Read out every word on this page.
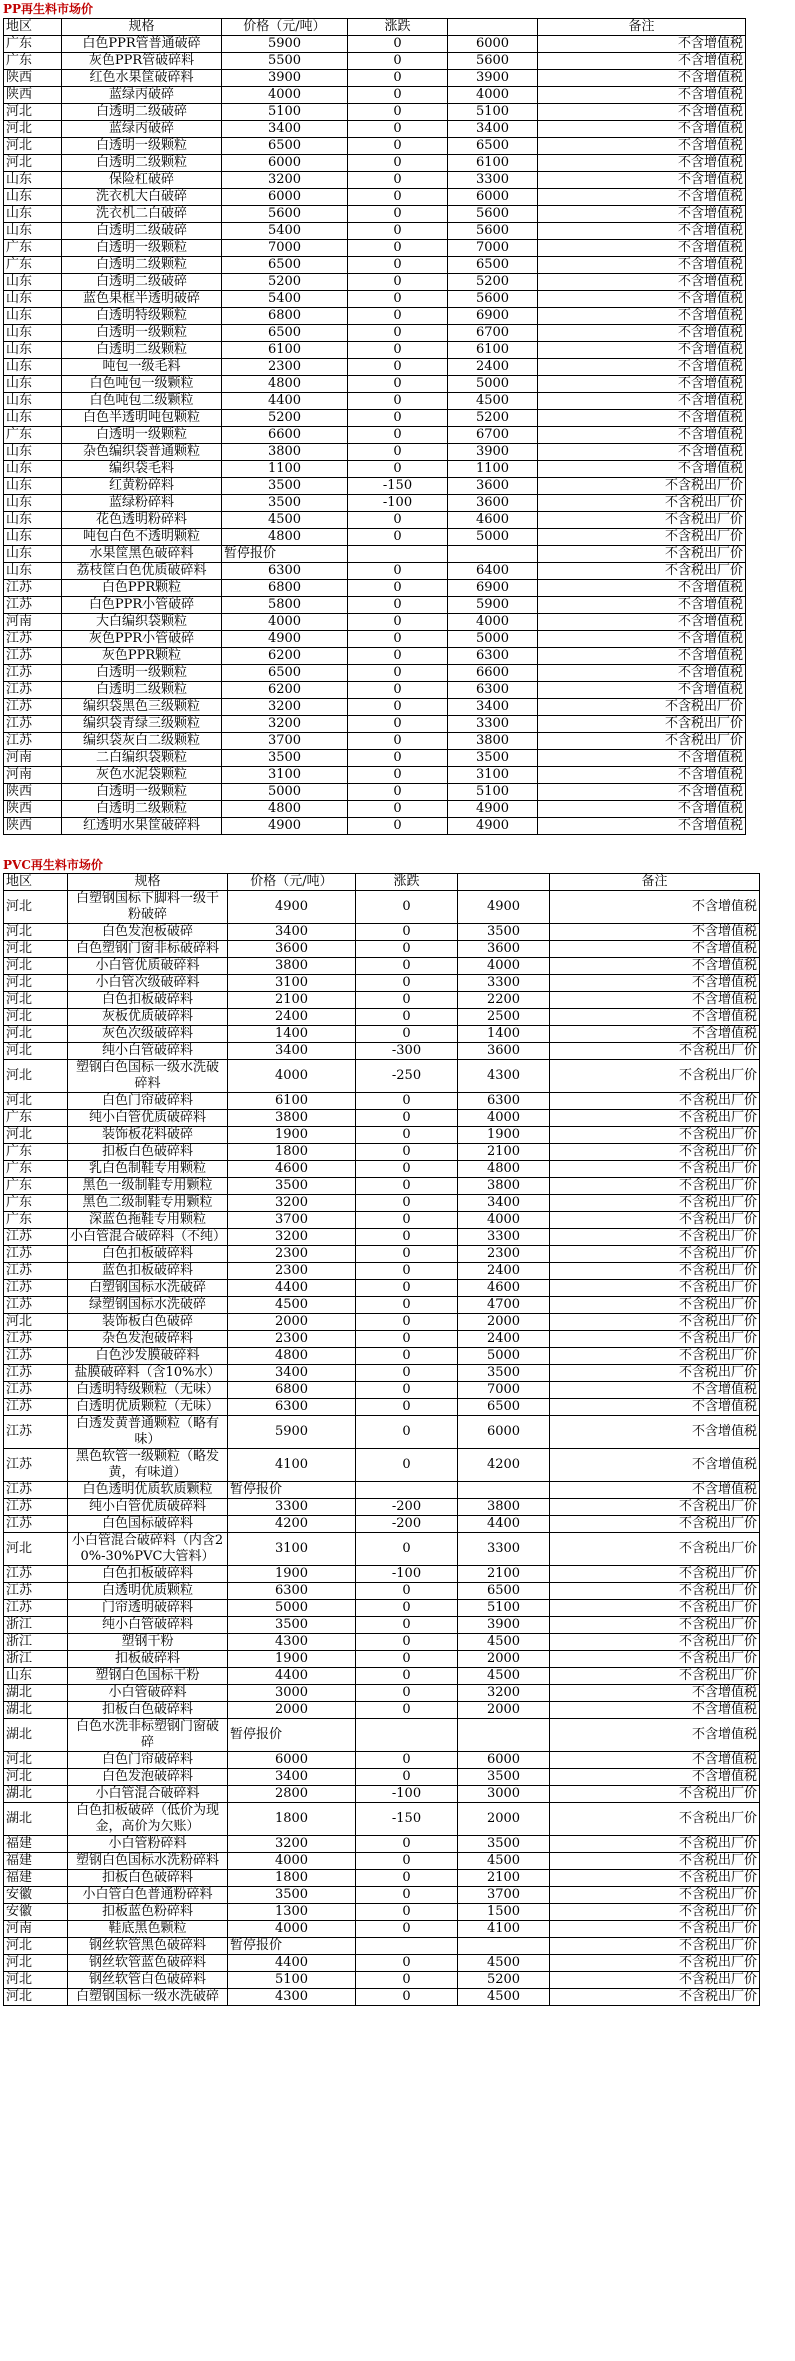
PP再生料市场价
地区	规格	价格（元/吨）	涨跌		备注
广东	白色PPR管普通破碎	5900	0	6000	不含增值税
广东	灰色PPR管破碎料	5500	0	5600	不含增值税
陕西	红色水果筐破碎料	3900	0	3900	不含增值税
陕西	蓝绿丙破碎	4000	0	4000	不含增值税
河北	白透明二级破碎	5100	0	5100	不含增值税
河北	蓝绿丙破碎	3400	0	3400	不含增值税
河北	白透明一级颗粒	6500	0	6500	不含增值税
河北	白透明二级颗粒	6000	0	6100	不含增值税
山东	保险杠破碎	3200	0	3300	不含增值税
山东	洗衣机大白破碎	6000	0	6000	不含增值税
山东	洗衣机二白破碎	5600	0	5600	不含增值税
山东	白透明二级破碎	5400	0	5600	不含增值税
广东	白透明一级颗粒	7000	0	7000	不含增值税
广东	白透明二级颗粒	6500	0	6500	不含增值税
山东	白透明二级破碎	5200	0	5200	不含增值税
山东	蓝色果框半透明破碎	5400	0	5600	不含增值税
山东	白透明特级颗粒	6800	0	6900	不含增值税
山东	白透明一级颗粒	6500	0	6700	不含增值税
山东	白透明二级颗粒	6100	0	6100	不含增值税
山东	吨包一级毛料	2300	0	2400	不含增值税
山东	白色吨包一级颗粒	4800	0	5000	不含增值税
山东	白色吨包二级颗粒	4400	0	4500	不含增值税
山东	白色半透明吨包颗粒	5200	0	5200	不含增值税
广东	白透明一级颗粒	6600	0	6700	不含增值税
山东	杂色编织袋普通颗粒	3800	0	3900	不含增值税
山东	编织袋毛料	1100	0	1100	不含增值税
山东	红黄粉碎料	3500	-150	3600	不含税出厂价
山东	蓝绿粉碎料	3500	-100	3600	不含税出厂价
山东	花色透明粉碎料	4500	0	4600	不含税出厂价
山东	吨包白色不透明颗粒	4800	0	5000	不含税出厂价
山东	水果筐黑色破碎料	暂停报价			不含税出厂价
山东	荔枝筐白色优质破碎料	6300	0	6400	不含税出厂价
江苏	白色PPR颗粒	6800	0	6900	不含增值税
江苏	白色PPR小管破碎	5800	0	5900	不含增值税
河南	大白编织袋颗粒	4000	0	4000	不含增值税
江苏	灰色PPR小管破碎	4900	0	5000	不含增值税
江苏	灰色PPR颗粒	6200	0	6300	不含增值税
江苏	白透明一级颗粒	6500	0	6600	不含增值税
江苏	白透明二级颗粒	6200	0	6300	不含增值税
江苏	编织袋黑色三级颗粒	3200	0	3400	不含税出厂价
江苏	编织袋青绿三级颗粒	3200	0	3300	不含税出厂价
江苏	编织袋灰白二级颗粒	3700	0	3800	不含税出厂价
河南	二白编织袋颗粒	3500	0	3500	不含增值税
河南	灰色水泥袋颗粒	3100	0	3100	不含增值税
陕西	白透明一级颗粒	5000	0	5100	不含增值税
陕西	白透明二级颗粒	4800	0	4900	不含增值税
陕西	红透明水果筐破碎料	4900	0	4900	不含增值税
PVC再生料市场价
地区	规格	价格（元/吨）	涨跌		备注
河北	白塑钢国标下脚料一级干粉破碎	4900	0	4900	不含增值税
河北	白色发泡板破碎	3400	0	3500	不含增值税
河北	白色塑钢门窗非标破碎料	3600	0	3600	不含增值税
河北	小白管优质破碎料	3800	0	4000	不含增值税
河北	小白管次级破碎料	3100	0	3300	不含增值税
河北	白色扣板破碎料	2100	0	2200	不含增值税
河北	灰板优质破碎料	2400	0	2500	不含增值税
河北	灰色次级破碎料	1400	0	1400	不含增值税
河北	纯小白管破碎料	3400	-300	3600	不含税出厂价
河北	塑钢白色国标一级水洗破碎料	4000	-250	4300	不含税出厂价
河北	白色门帘破碎料	6100	0	6300	不含税出厂价
广东	纯小白管优质破碎料	3800	0	4000	不含税出厂价
河北	装饰板花料破碎	1900	0	1900	不含税出厂价
广东	扣板白色破碎料	1800	0	2100	不含税出厂价
广东	乳白色制鞋专用颗粒	4600	0	4800	不含税出厂价
广东	黑色一级制鞋专用颗粒	3500	0	3800	不含税出厂价
广东	黑色二级制鞋专用颗粒	3200	0	3400	不含税出厂价
广东	深蓝色拖鞋专用颗粒	3700	0	4000	不含税出厂价
江苏	小白管混合破碎料（不纯）	3200	0	3300	不含税出厂价
江苏	白色扣板破碎料	2300	0	2300	不含税出厂价
江苏	蓝色扣板破碎料	2300	0	2400	不含税出厂价
江苏	白塑钢国标水洗破碎	4400	0	4600	不含税出厂价
江苏	绿塑钢国标水洗破碎	4500	0	4700	不含税出厂价
河北	装饰板白色破碎	2000	0	2000	不含税出厂价
江苏	杂色发泡破碎料	2300	0	2400	不含税出厂价
江苏	白色沙发膜破碎料	4800	0	5000	不含税出厂价
江苏	盐膜破碎料（含10%水）	3400	0	3500	不含税出厂价
江苏	白透明特级颗粒（无味）	6800	0	7000	不含增值税
江苏	白透明优质颗粒（无味）	6300	0	6500	不含增值税
江苏	白透发黄普通颗粒（略有味）	5900	0	6000	不含增值税
江苏	黑色软管一级颗粒（略发黄，有味道）	4100	0	4200	不含增值税
江苏	白色透明优质软质颗粒	暂停报价			不含增值税
江苏	纯小白管优质破碎料	3300	-200	3800	不含税出厂价
江苏	白色国标破碎料	4200	-200	4400	不含税出厂价
河北	小白管混合破碎料（内含20%-30%PVC大管料）	3100	0	3300	不含税出厂价
江苏	白色扣板破碎料	1900	-100	2100	不含税出厂价
江苏	白透明优质颗粒	6300	0	6500	不含税出厂价
江苏	门帘透明破碎料	5000	0	5100	不含税出厂价
浙江	纯小白管破碎料	3500	0	3900	不含税出厂价
浙江	塑钢干粉	4300	0	4500	不含税出厂价
浙江	扣板破碎料	1900	0	2000	不含税出厂价
山东	塑钢白色国标干粉	4400	0	4500	不含税出厂价
湖北	小白管破碎料	3000	0	3200	不含增值税
湖北	扣板白色破碎料	2000	0	2000	不含增值税
湖北	白色水洗非标塑钢门窗破碎	暂停报价			不含增值税
河北	白色门帘破碎料	6000	0	6000	不含增值税
河北	白色发泡破碎料	3400	0	3500	不含增值税
湖北	小白管混合破碎料	2800	-100	3000	不含税出厂价
湖北	白色扣板破碎（低价为现金，高价为欠账）	1800	-150	2000	不含税出厂价
福建	小白管粉碎料	3200	0	3500	不含税出厂价
福建	塑钢白色国标水洗粉碎料	4000	0	4500	不含税出厂价
福建	扣板白色破碎料	1800	0	2100	不含税出厂价
安徽	小白管白色普通粉碎料	3500	0	3700	不含税出厂价
安徽	扣板蓝色粉碎料	1300	0	1500	不含税出厂价
河南	鞋底黑色颗粒	4000	0	4100	不含税出厂价
河北	钢丝软管黑色破碎料	暂停报价			不含税出厂价
河北	钢丝软管蓝色破碎料	4400	0	4500	不含税出厂价
河北	钢丝软管白色破碎料	5100	0	5200	不含税出厂价
河北	白塑钢国标一级水洗破碎	4300	0	4500	不含税出厂价
